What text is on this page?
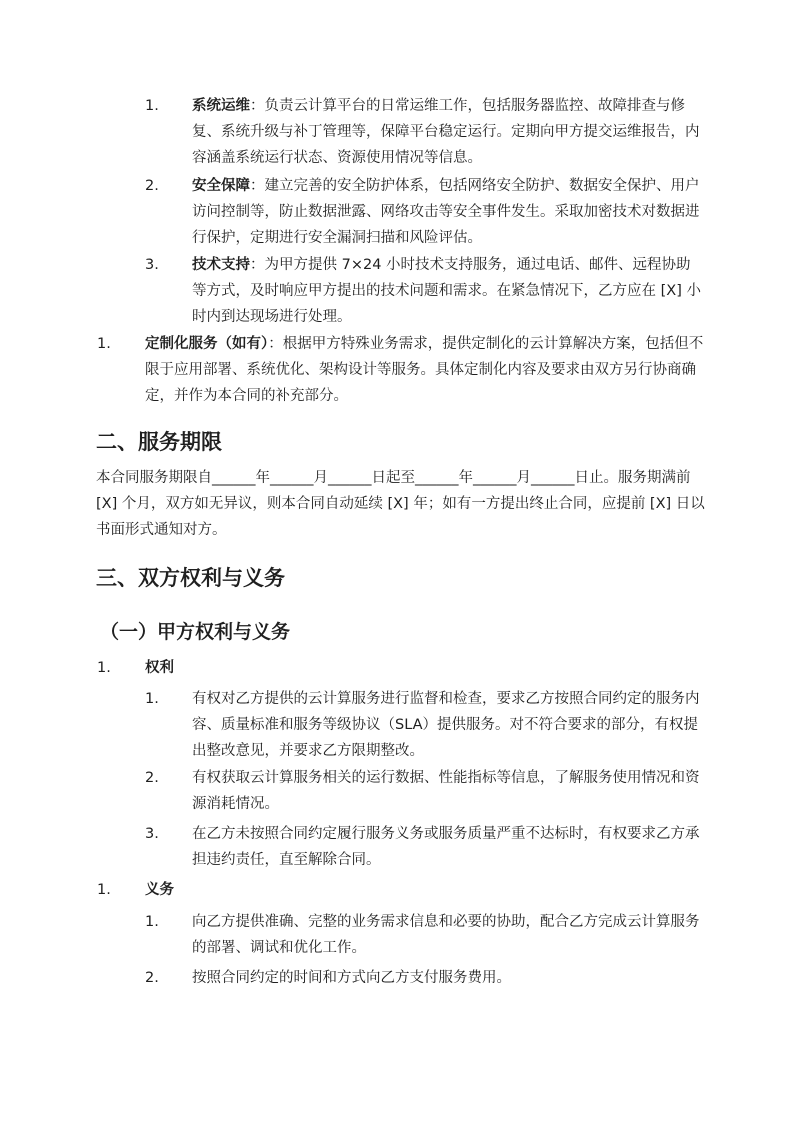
1. 系统运维：负责云计算平台的日常运维工作，包括服务器监控、故障排查与修复、系统升级与补丁管理等，保障平台稳定运行。定期向甲方提交运维报告，内容涵盖系统运行状态、资源使用情况等信息。
2. 安全保障：建立完善的安全防护体系，包括网络安全防护、数据安全保护、用户访问控制等，防止数据泄露、网络攻击等安全事件发生。采取加密技术对数据进行保护，定期进行安全漏洞扫描和风险评估。
3. 技术支持：为甲方提供 7×24 小时技术支持服务，通过电话、邮件、远程协助等方式，及时响应甲方提出的技术问题和需求。在紧急情况下，乙方应在 [X] 小时内到达现场进行处理。
1. 定制化服务（如有）：根据甲方特殊业务需求，提供定制化的云计算解决方案，包括但不限于应用部署、系统优化、架构设计等服务。具体定制化内容及要求由双方另行协商确定，并作为本合同的补充部分。
二、服务期限
本合同服务期限自______年______月______日起至______年______月______日止。服务期满前 [X] 个月，双方如无异议，则本合同自动延续 [X] 年；如有一方提出终止合同，应提前 [X] 日以书面形式通知对方。
三、双方权利与义务
（一）甲方权利与义务
1. 权利
1. 有权对乙方提供的云计算服务进行监督和检查，要求乙方按照合同约定的服务内容、质量标准和服务等级协议（SLA）提供服务。对不符合要求的部分，有权提出整改意见，并要求乙方限期整改。
2. 有权获取云计算服务相关的运行数据、性能指标等信息，了解服务使用情况和资源消耗情况。
3. 在乙方未按照合同约定履行服务义务或服务质量严重不达标时，有权要求乙方承担违约责任，直至解除合同。
1. 义务
1. 向乙方提供准确、完整的业务需求信息和必要的协助，配合乙方完成云计算服务的部署、调试和优化工作。
2. 按照合同约定的时间和方式向乙方支付服务费用。
